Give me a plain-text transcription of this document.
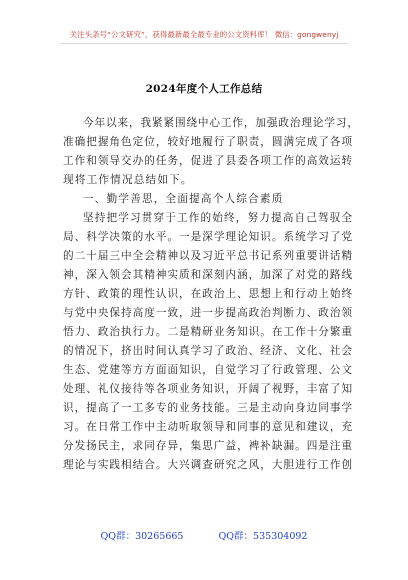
关注头条号“公文研究”，获得最新最全最专业的公文资料库！ 微信：gongwenyj
2024年度个人工作总结
今年以来，我紧紧围绕中心工作，加强政治理论学习，
准确把握角色定位，较好地履行了职责，圆满完成了各项
工作和领导交办的任务，促进了县委各项工作的高效运转
现将工作情况总结如下。
一、勤学善思，全面提高个人综合素质
坚持把学习贯穿于工作的始终，努力提高自己驾驭全
局、科学决策的水平。一是深学理论知识。系统学习了党
的二十届三中全会精神以及习近平总书记系列重要讲话精
神，深入领会其精神实质和深刻内涵，加深了对党的路线
方针、政策的理性认识，在政治上、思想上和行动上始终
与党中央保持高度一致，进一步提高政治判断力、政治领
悟力、政治执行力。二是精研业务知识。在工作十分繁重
的情况下，挤出时间认真学习了政治、经济、文化、社会
生态、党建等方方面面知识，自觉学习了行政管理、公文
处理、礼仪接待等各项业务知识，开阔了视野，丰富了知
识，提高了一工多专的业务技能。三是主动向身边同事学
习。在日常工作中主动听取领导和同事的意见和建议，充
分发扬民主，求同存异，集思广益，裨补缺漏。四是注重
理论与实践相结合。大兴调查研究之风，大胆进行工作创
QQ群：30265665	QQ群：535304092
